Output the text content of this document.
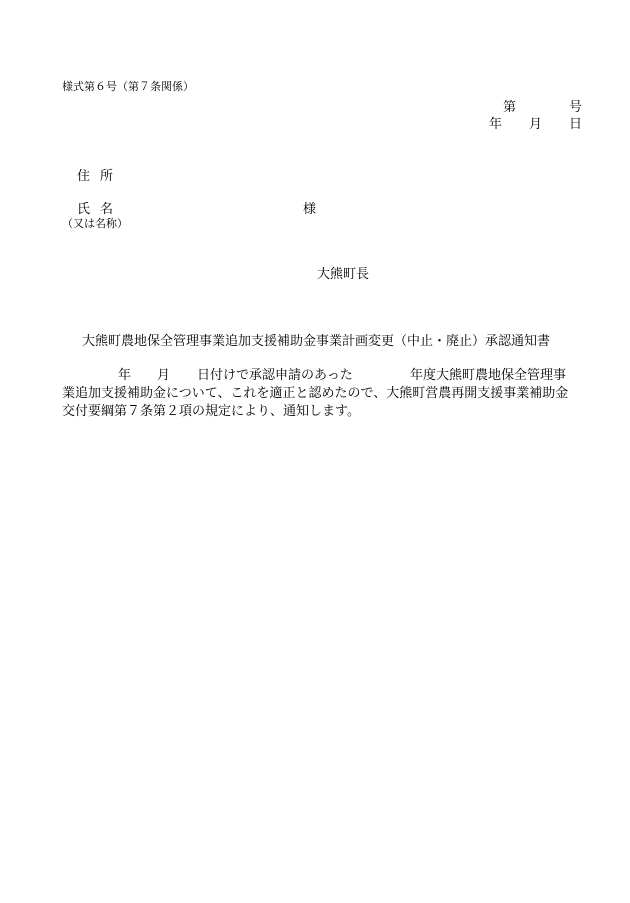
様式第６号（第７条関係）
第	号
年 月 日
住所
氏名	様
（又は名称）
大熊町長
大熊町農地保全管理事業追加支援補助金事業計画変更（中止・廃止）承認通知書
年 月 日付けで承認申請のあった	年度大熊町農地保全管理事
業追加支援補助金について、これを適正と認めたので、大熊町営農再開支援事業補助金
交付要綱第７条第２項の規定により、通知します。
